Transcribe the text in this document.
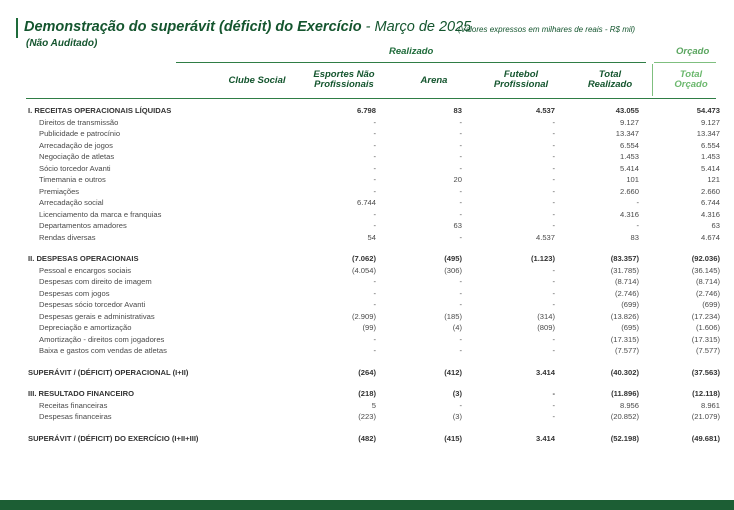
Demonstração do superávit (déficit) do Exercício - Março de 2025
(Valores expressos em milhares de reais - R$ mil)
(Não Auditado)
Realizado	Orçado
Clube Social
Esportes Não
Profissionais	Arena
Futebol
Profissional
Total
Realizado
Total
Orçado
I. RECEITAS OPERACIONAIS LÍQUIDAS		6.798	83	4.537	43.055	54.473	
Direitos de transmissão		-	-	-	9.127	9.127	
Publicidade e patrocínio		-	-	-	13.347	13.347	
Arrecadação de jogos		-	-	-	6.554	6.554	
Negociação de atletas		-	-	-	1.453	1.453	
Sócio torcedor Avanti		-	-	-	5.414	5.414	
Timemania e outros		-	20	-	101	121	
Premiações		-	-	-	2.660	2.660	
Arrecadação social		6.744	-	-	-	6.744	
Licenciamento da marca e franquias		-	-	-	4.316	4.316	
Departamentos amadores		-	63	-	-	63	
Rendas diversas		54	-	4.537	83	4.674	

II. DESPESAS OPERACIONAIS		(7.062)	(495)	(1.123)	(83.357)	(92.036)	
Pessoal e encargos sociais		(4.054)	(306)	-	(31.785)	(36.145)	
Despesas com direito de imagem		-	-	-	(8.714)	(8.714)	
Despesas com jogos		-	-	-	(2.746)	(2.746)	
Despesas sócio torcedor Avanti		-	-	-	(699)	(699)	
Despesas gerais e administrativas		(2.909)	(185)	(314)	(13.826)	(17.234)	
Depreciação e amortização		(99)	(4)	(809)	(695)	(1.606)	
Amortização - direitos com jogadores		-	-	-	(17.315)	(17.315)	
Baixa e gastos com vendas de atletas		-	-	-	(7.577)	(7.577)	

SUPERÁVIT / (DÉFICIT) OPERACIONAL (I+II)		(264)	(412)	3.414	(40.302)	(37.563)	

III. RESULTADO FINANCEIRO		(218)	(3)	-	(11.896)	(12.118)	
Receitas financeiras		5	-	-	8.956	8.961	
Despesas financeiras		(223)	(3)	-	(20.852)	(21.079)	

SUPERÁVIT / (DÉFICIT) DO EXERCÍCIO (I+II+III)		(482)	(415)	3.414	(52.198)	(49.681)	
